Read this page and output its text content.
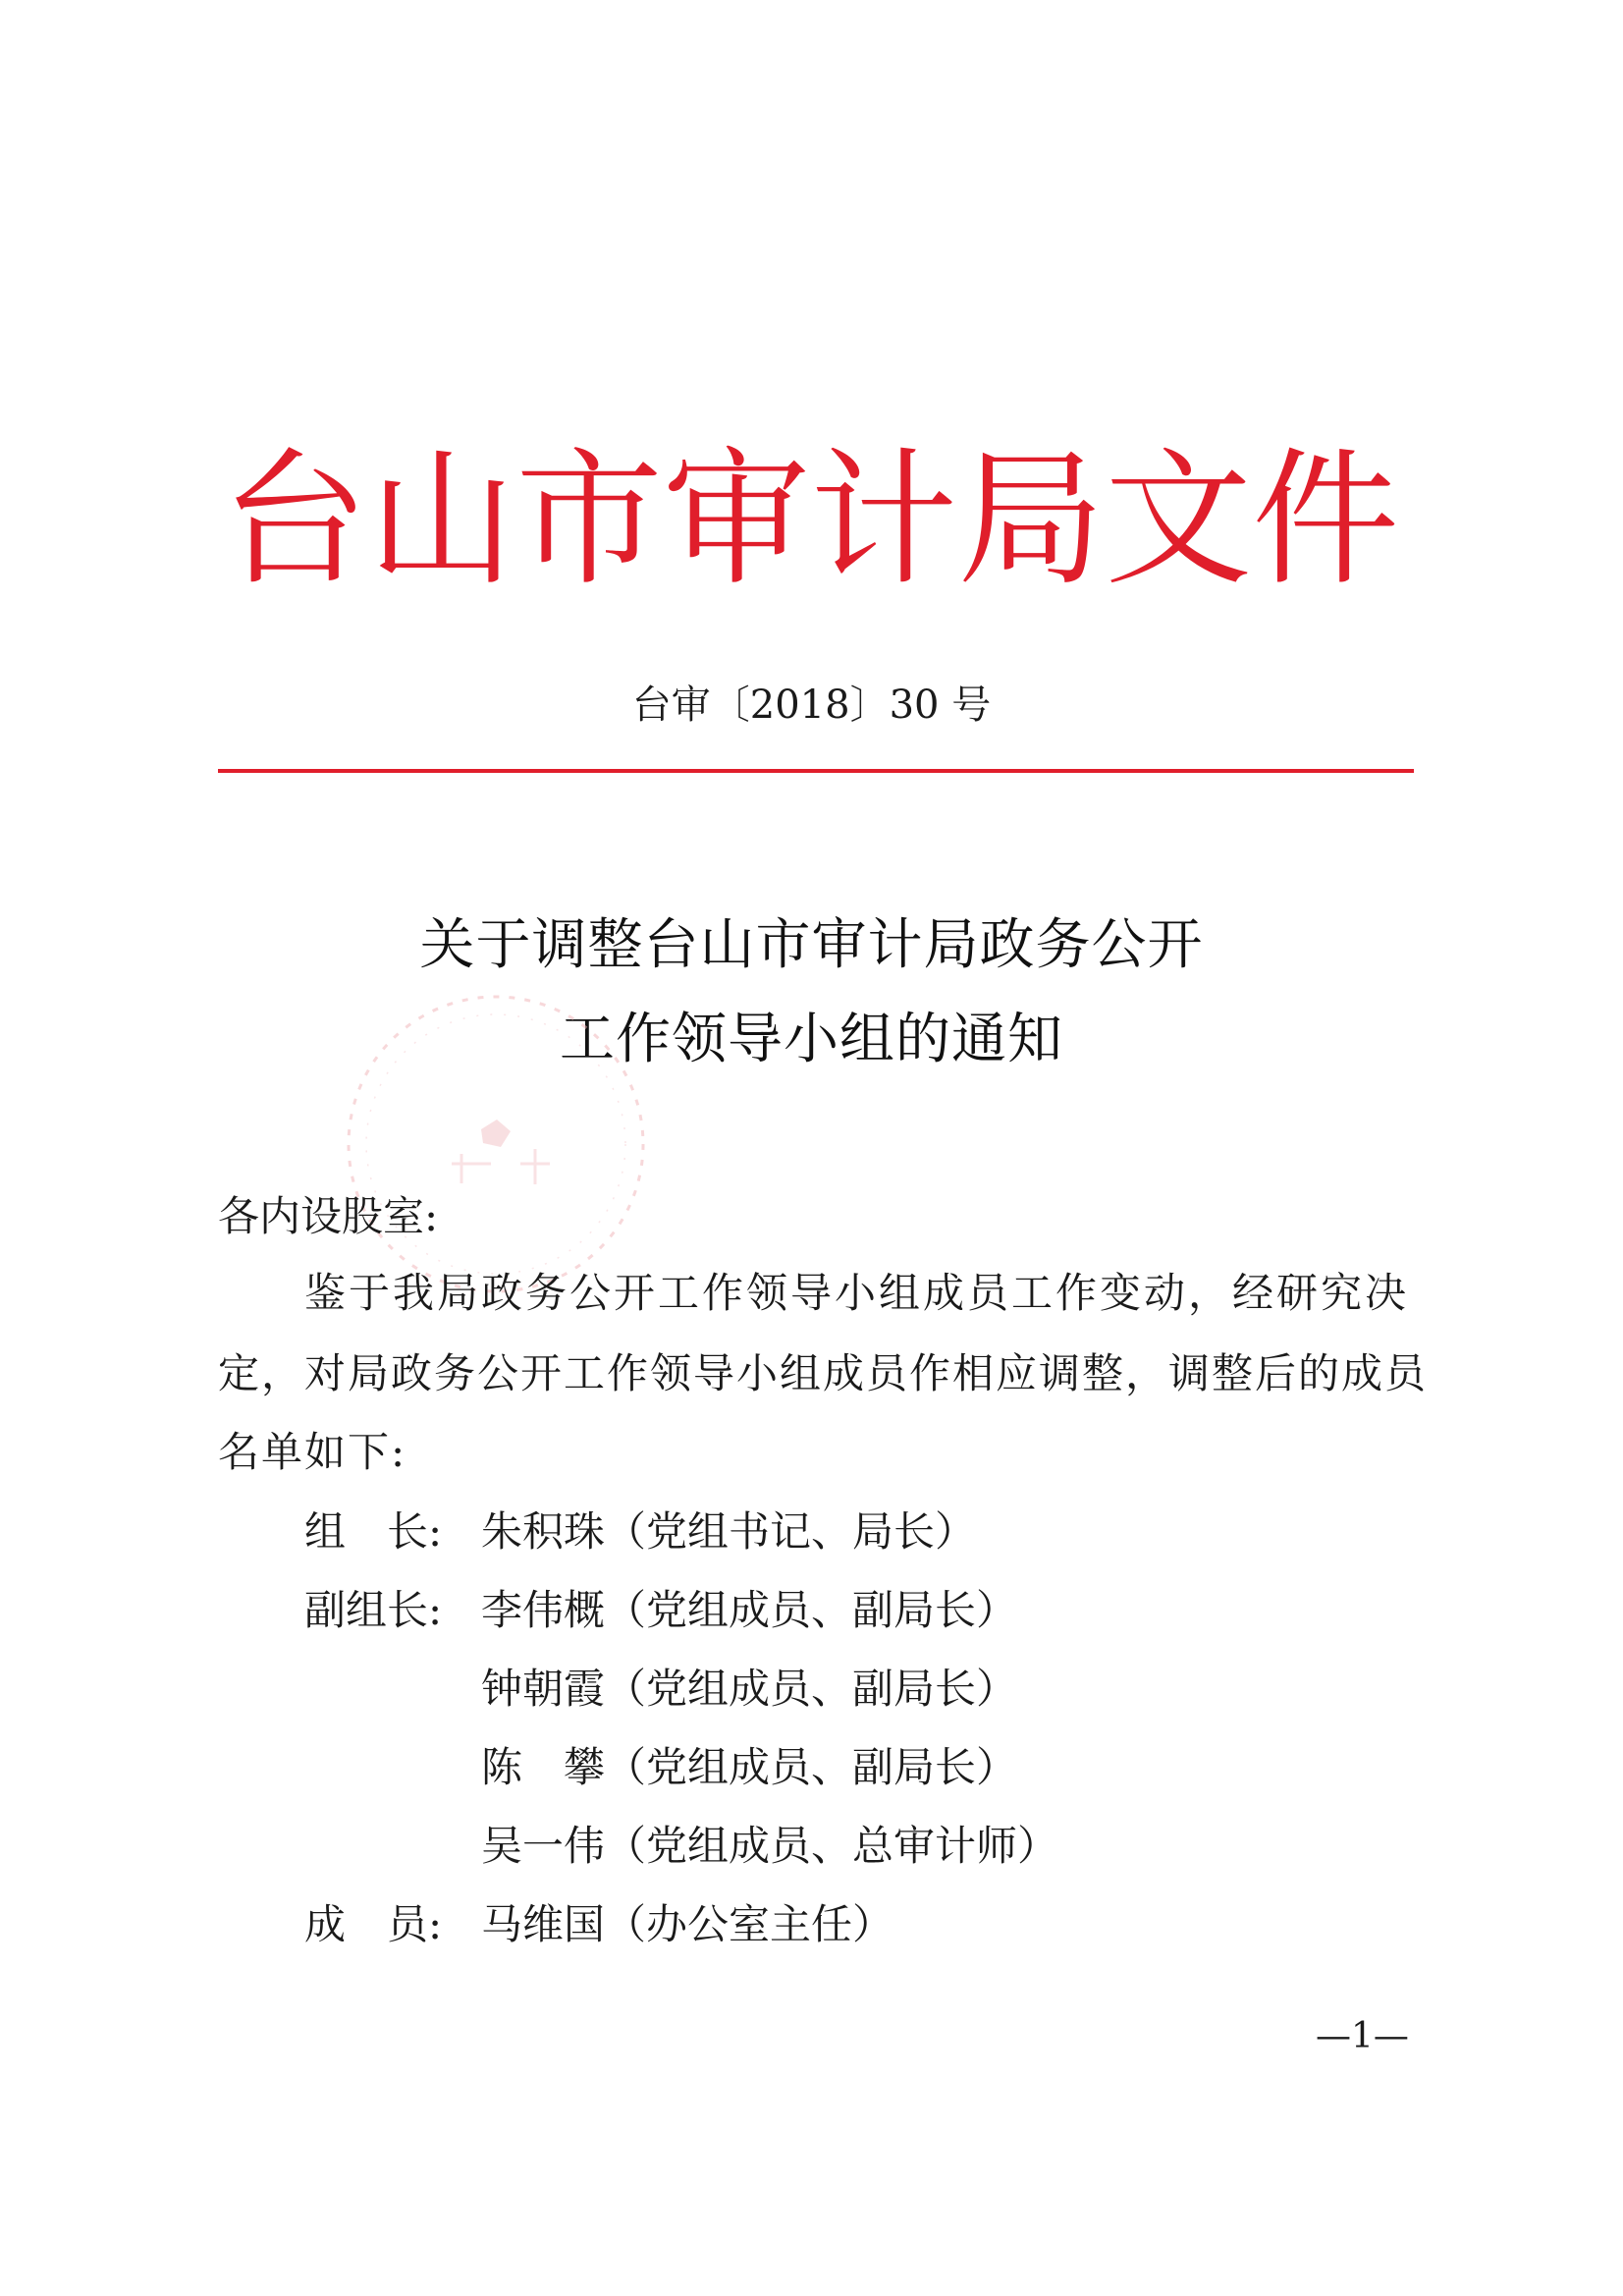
台 山 市 审 计 局 文 件
台审〔2018〕30 号
关于调整台山市审计局政务公开
工作领导小组的通知
各内设股室:
鉴于我局政务公开工作领导小组成员工作变动，经研究决
定，对局政务公开工作领导小组成员作相应调整，调整后的成员
名单如下:
组　长: 朱积珠（党组书记、局长）
副组长: 李伟概（党组成员、副局长）
钟朝霞（党组成员、副局长）
陈　攀（党组成员、副局长）
吴一伟（党组成员、总审计师）
成　员: 马维国（办公室主任）
—1—
